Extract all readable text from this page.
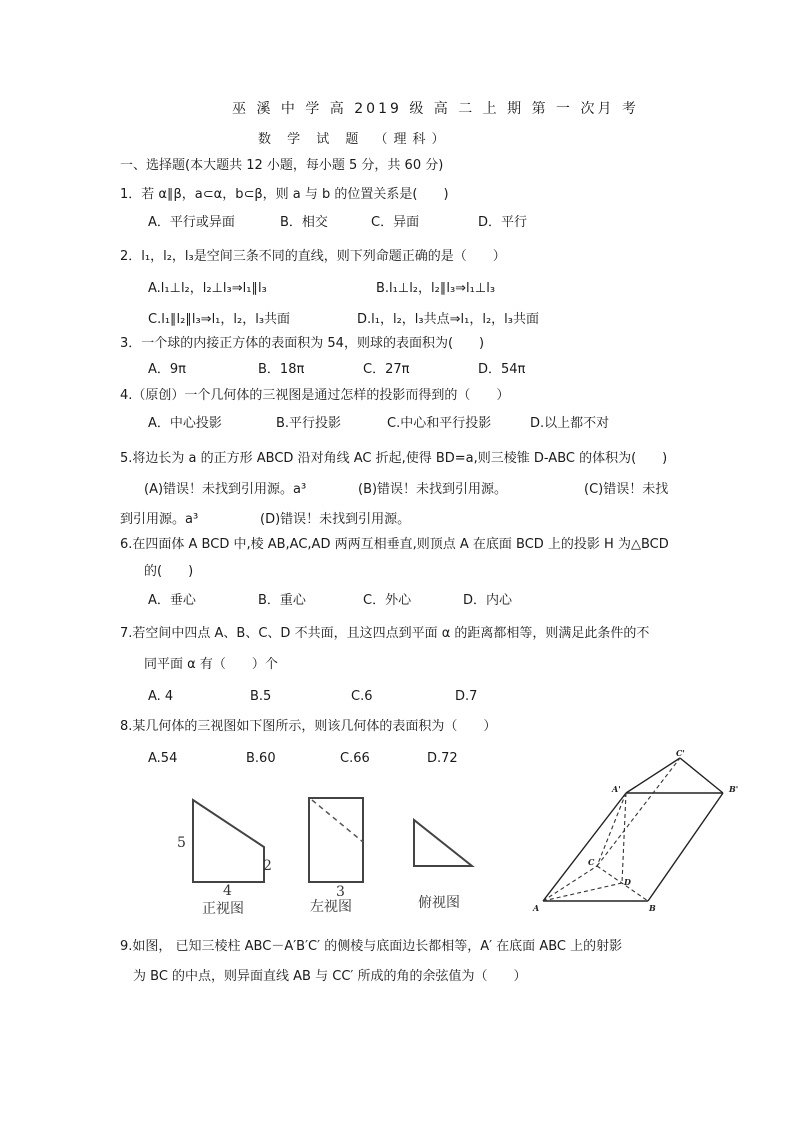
巫 溪 中 学 高 2019 级 高 二 上 期 第 一 次月 考
数 学 试 题 （理科）
一、选择题(本大题共 12 小题，每小题 5 分，共 60 分)
1．若 α∥β，a⊂α，b⊂β，则 a 与 b 的位置关系是(　　)
A．平行或异面	B．相交	C．异面	D．平行
2．l₁，l₂，l₃是空间三条不同的直线，则下列命题正确的是（　　）
A.l₁⊥l₂，l₂⊥l₃⇒l₁∥l₃	B.l₁⊥l₂，l₂∥l₃⇒l₁⊥l₃
C.l₁∥l₂∥l₃⇒l₁，l₂，l₃共面	D.l₁，l₂，l₃共点⇒l₁，l₂，l₃共面
3．一个球的内接正方体的表面积为 54，则球的表面积为(　　)
A．9π	B．18π	C．27π	D．54π
4.（原创）一个几何体的三视图是通过怎样的投影而得到的（　　）
A．中心投影	B.平行投影	C.中心和平行投影	D.以上都不对
5.将边长为 a 的正方形 ABCD 沿对角线 AC 折起,使得 BD=a,则三棱锥 D-ABC 的体积为(　　)
(A)错误！未找到引用源。a³	(B)错误！未找到引用源。	(C)错误！未找
到引用源。a³	(D)错误！未找到引用源。
6.在四面体 A BCD 中,棱 AB,AC,AD 两两互相垂直,则顶点 A 在底面 BCD 上的投影 H 为△BCD
的(　　)
A．垂心	B．重心	C．外心	D．内心
7.若空间中四点 A、B、C、D 不共面，且这四点到平面 α 的距离都相等，则满足此条件的不
同平面 α 有（　　）个
A. 4	B.5	C.6	D.7
8.某几何体的三视图如下图所示，则该几何体的表面积为（　　）
A.54	B.60	C.66	D.72
5
2
4
正视图
3
左视图	俯视图	A	B
C
D
A'	B'
C'
9.如图， 已知三棱柱 ABC－A′B′C′ 的侧棱与底面边长都相等，A′ 在底面 ABC 上的射影
为 BC 的中点，则异面直线 AB 与 CC′ 所成的角的余弦值为（　　）
